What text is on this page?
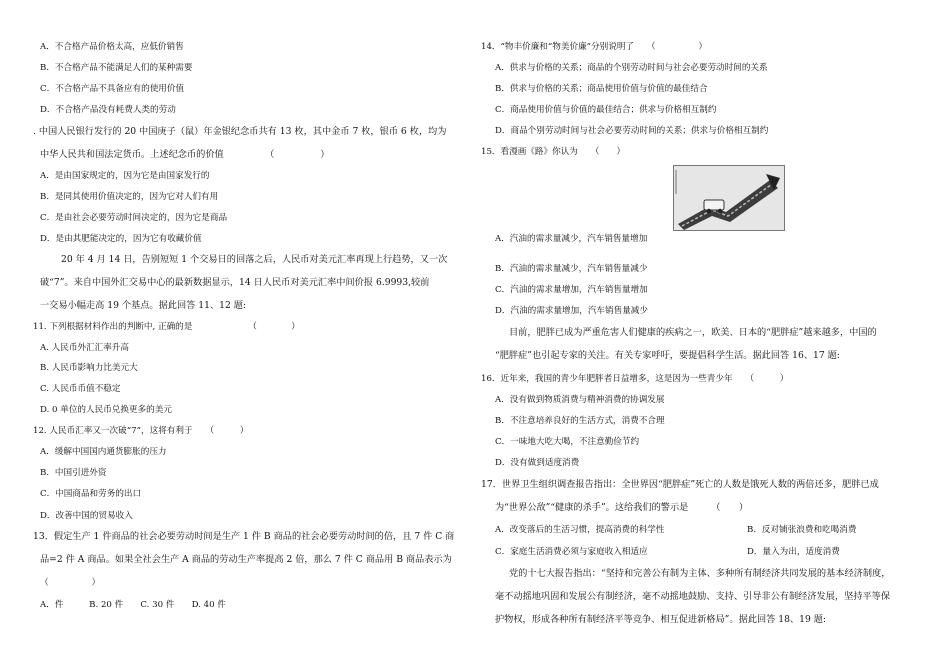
A．不合格产品价格太高，应低价销售
B．不合格产品不能满足人们的某种需要
C．不合格产品不具备应有的使用价值
D．不合格产品没有耗费人类的劳动
. 中国人民银行发行的 20 中国庚子（鼠）年金银纪念币共有 13 枚，其中金币 7 枚，银币 6 枚，均为
中华人民共和国法定货币。上述纪念币的价值　　　　　（　　　　　）
A．是由国家规定的，因为它是由国家发行的
B．是同其使用价值决定的，因为它对人们有用
C．是由社会必要劳动时间决定的，因为它是商品
D．是由其肥能决定的，因为它有收藏价值
20 年 4 月 14 日，告别短短 1 个交易日的回落之后，人民币对美元汇率再现上行趋势，又一次
破“7”。来自中国外汇交易中心的最新数据显示，14 日人民币对美元汇率中间价报 6.9993,较前
一交易小幅走高 19 个基点。据此回答 11、12 题:
11. 下列根据材料作出的判断中, 正确的是　　　　　　　（　　　　）
A. 人民币外汇汇率升高
B. 人民币影响力比美元大
C. 人民币币值不稳定
D. 0 单位的人民币兑换更多的美元
12. 人民币汇率又一次破“7”，这将有利于　　（　　　）
A．缓解中国国内通货膨胀的压力
B．中国引进外资
C．中国商品和劳务的出口
D．改善中国的贸易收入
13．假定生产 1 件商品的社会必要劳动时间是生产 1 件 B 商品的社会必要劳动时间的倍，且 7 件 C 商
品=2 件 A 商品。如果全社会生产 A 商品的劳动生产率提高 2 倍，那么 7 件 C 商品用 B 商品表示为
（　　　　　）
A．件　　　B. 20 件　　C. 30 件　　D. 40 件
14．“物丰价廉和“物美价廉”分别说明了　　（　　　　　）
A．供求与价格的关系；商品的个别劳动时间与社会必要劳动时间的关系
B．供求与价格的关系；商品使用价值与价值的最佳结合
C．商品使用价值与价值的最佳结合；供求与价格相互制约
D．商品个别劳动时间与社会必要劳动时间的关系；供求与价格相互制约
15．看漫画《路》你认为　　（　　）
A．汽油的需求量减少，汽车销售量增加
B．汽油的需求量减少，汽车销售量减少
C．汽油的需求量增加，汽车销售量增加
D．汽油的需求量增加，汽车销售量减少
目前，肥胖已成为严重危害人们健康的疾病之一，欧美、日本的“肥胖症”越来越多，中国的
“肥胖症”也引起专家的关注。有关专家呼吁，要提倡科学生活。据此回答 16、17 题:
16．近年来，我国的青少年肥胖者日益增多，这是因为一些青少年　　（　　　）
A．没有做到物质消费与精神消费的协调发展
B．不注意培养良好的生活方式，消费不合理
C．一味地大吃大喝，不注意勤俭节约
D．没有做到适度消费
17．世界卫生组织调查报告指出：全世界因“肥胖症”死亡的人数是饿死人数的两倍还多，肥胖已成
为“世界公敌”“健康的杀手”。这给我们的警示是　　　（　　）
A．改变落后的生活习惯，提高消费的科学性	B．反对铺张浪费和吃喝消费
C．家庭生活消费必须与家庭收入相适应	D．量入为出，适度消费
党的十七大报告指出：“坚持和完善公有制为主体、多种所有制经济共同发展的基本经济制度，
毫不动摇地巩固和发展公有制经济，毫不动摇地鼓励、支持、引导非公有制经济发展，坚持平等保
护物权，形成各种所有制经济平等竞争、相互促进新格局”。据此回答 18、19 题:
